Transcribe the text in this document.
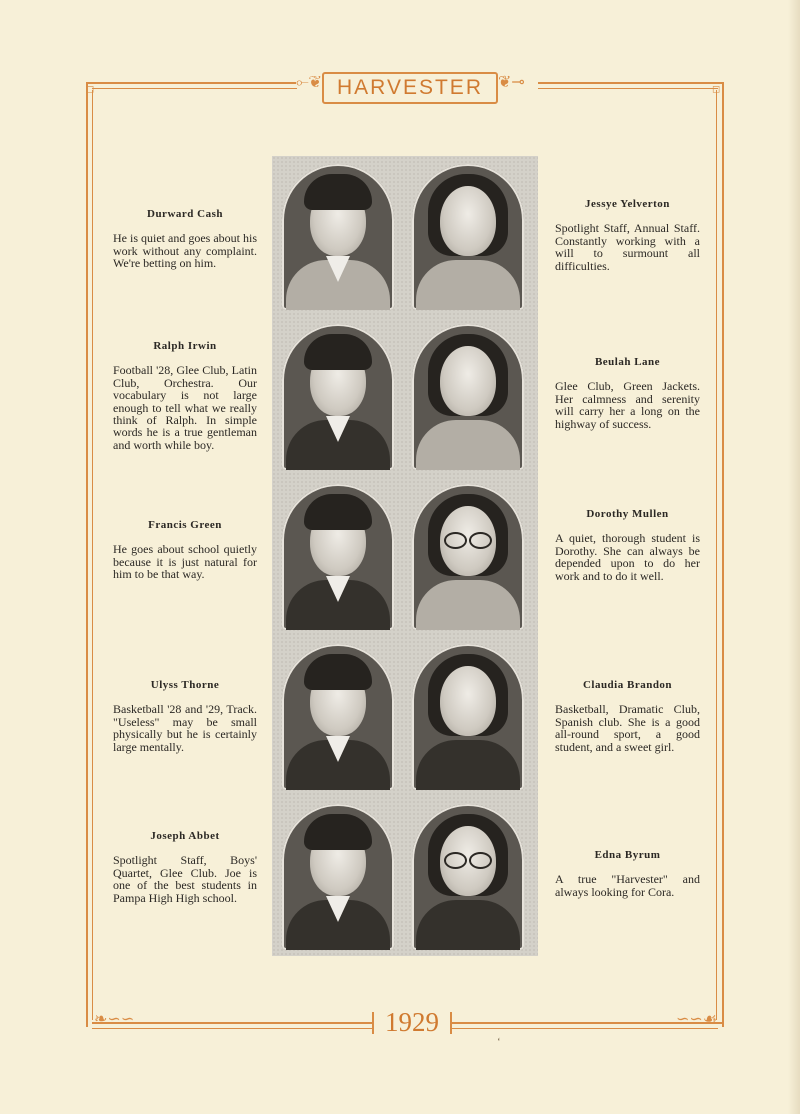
⟜❦	❦⊸
❧∽∽	∽∽☙
◻	◻
HARVESTER
1929
Durward Cash

He is quiet and goes about his work without any complaint. We're betting on him.

Ralph Irwin

Football '28, Glee Club, Latin Club, Orchestra. Our vocabulary is not large enough to tell what we really think of Ralph. In simple words he is a true gentleman and worth while boy.

Francis Green

He goes about school quietly because it is just natural for him to be that way.

Ulyss Thorne

Basketball '28 and '29, Track. "Useless" may be small physically but he is certainly large mentally.

Joseph Abbet

Spotlight Staff, Boys' Quartet, Glee Club. Joe is one of the best students in Pampa High High school.

Jessye Yelverton

Spotlight Staff, Annual Staff. Constantly working with a will to surmount all difficulties.

Beulah Lane

Glee Club, Green Jackets. Her calmness and serenity will carry her a long on the highway of success.

Dorothy Mullen

A quiet, thorough student is Dorothy. She can always be depended upon to do her work and to do it well.

Claudia Brandon

Basketball, Dramatic Club, Spanish club. She is a good all-round sport, a good student, and a sweet girl.

Edna Byrum

A true "Harvester" and always looking for Cora.

‘
